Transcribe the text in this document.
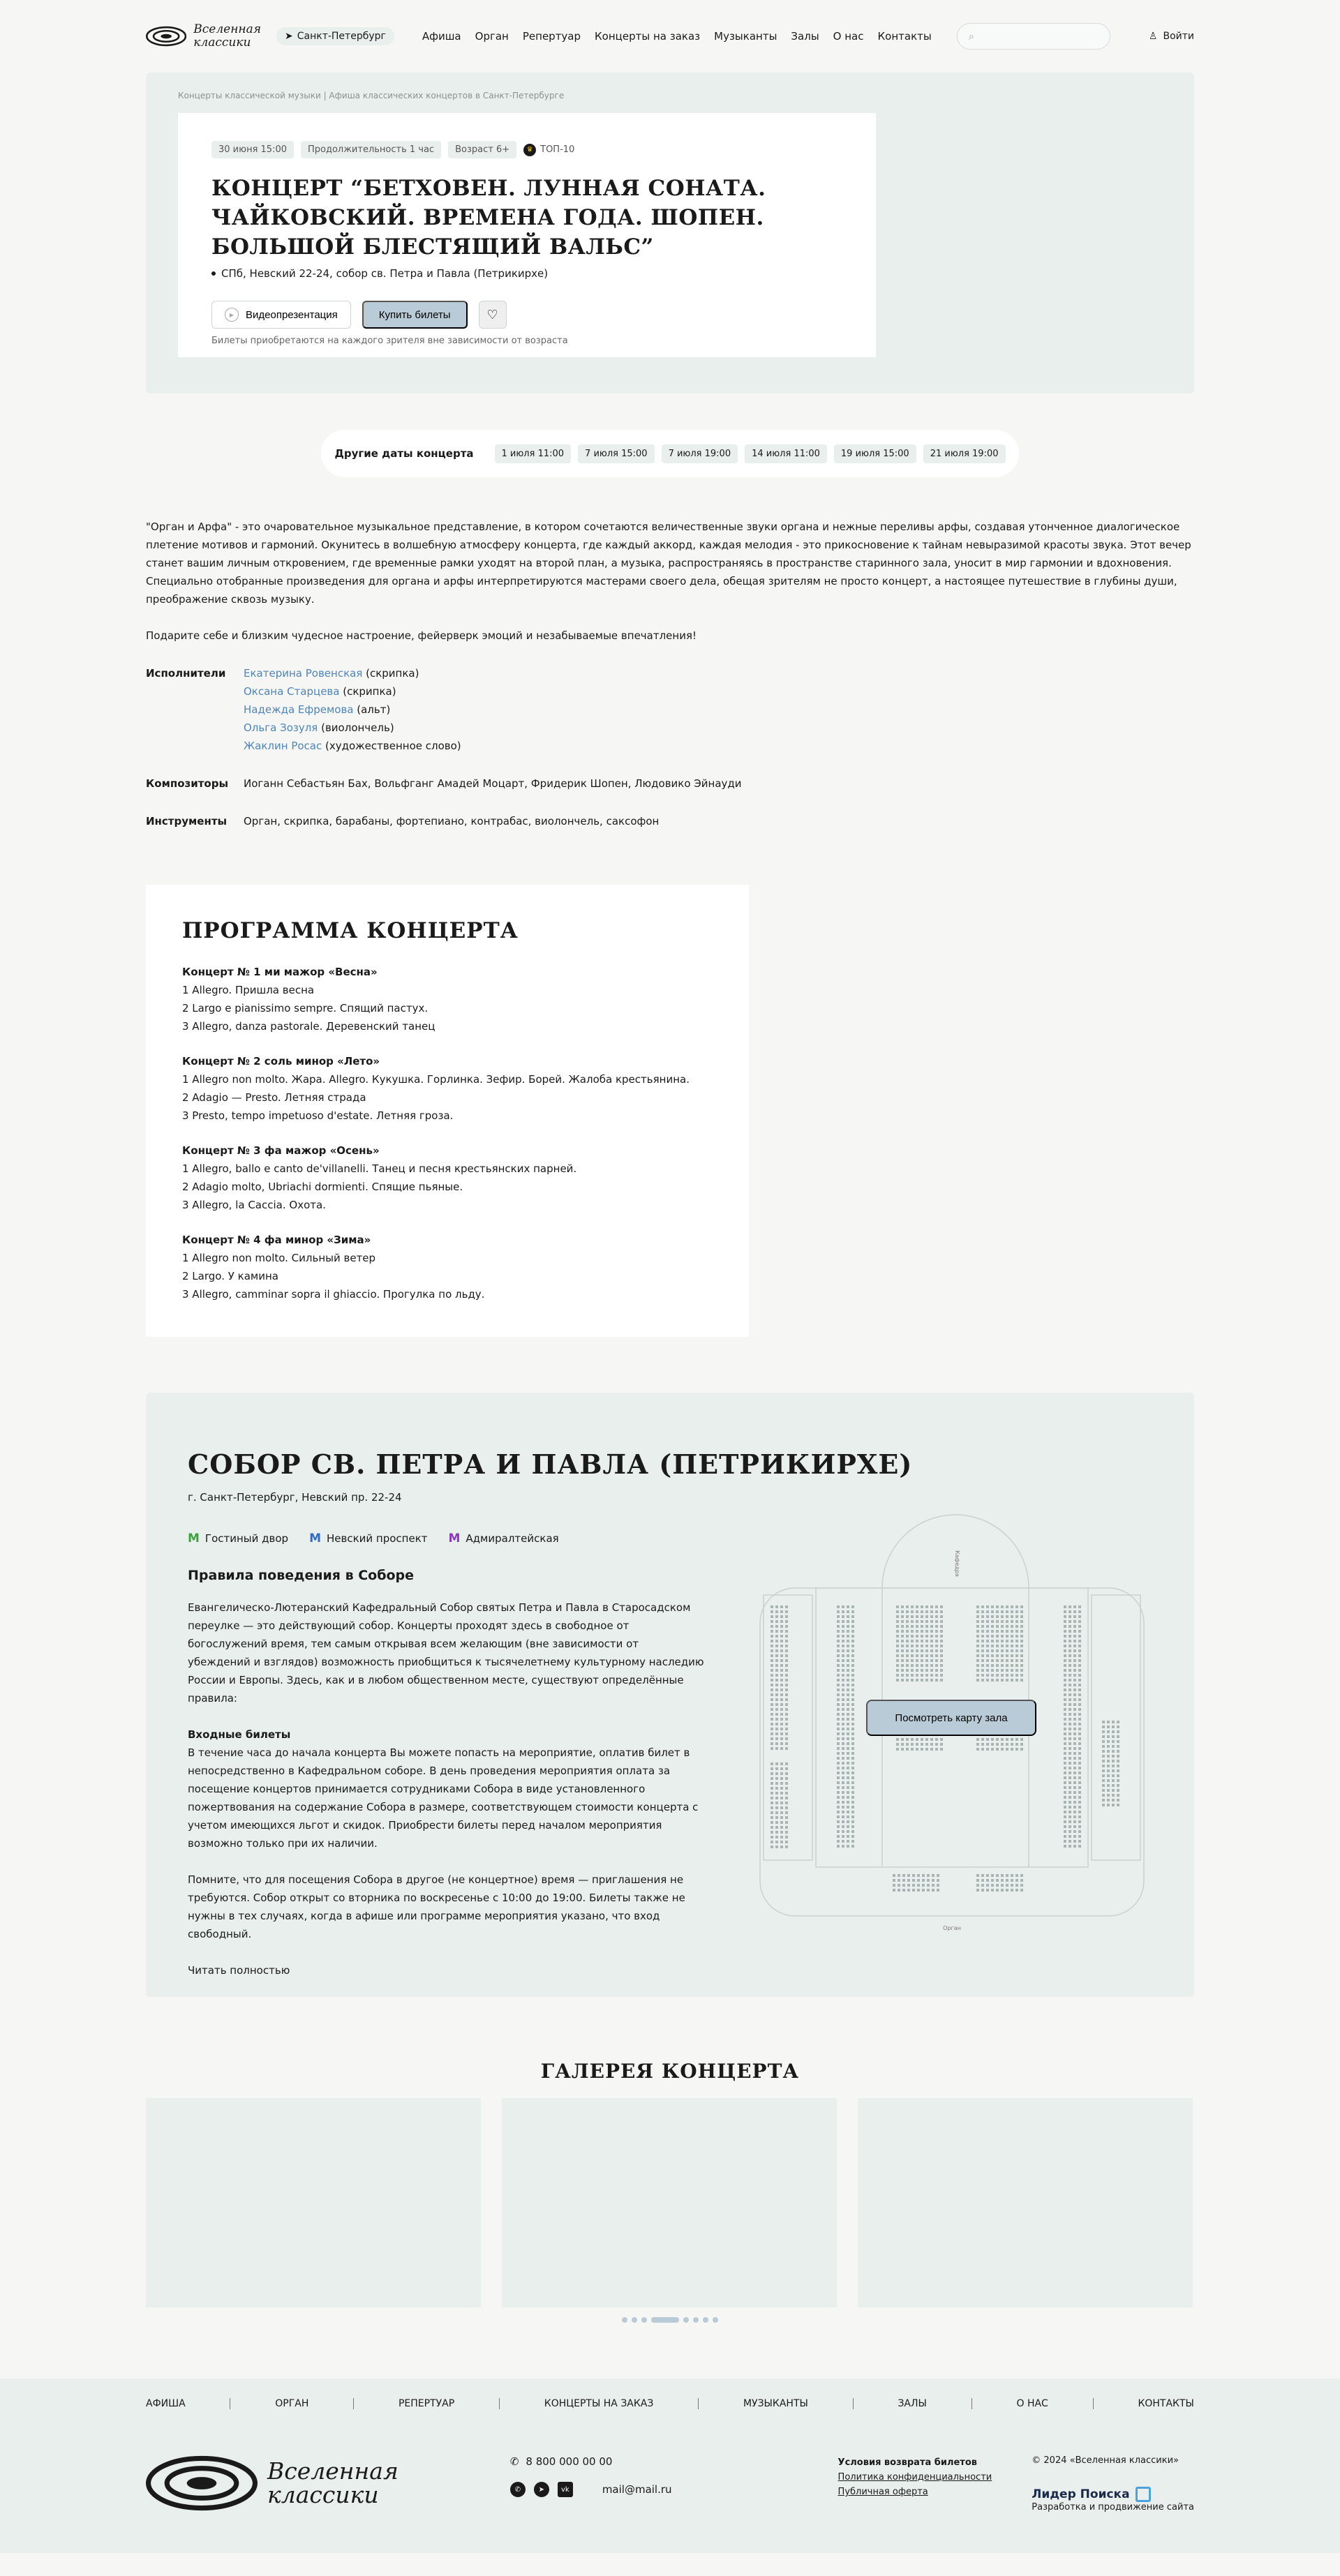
Вселенная
классики	➤ Санкт-Петербург	Афиша Орган Репертуар Концерты на заказ Музыканты Залы О нас Контакты	⌕	♙ Войти
Концерты классической музыки | Афиша классических концертов в Санкт-Петербурге
30 июня 15:00	Продолжительность 1 час	Возраст 6+	♛ ТОП-10
КОНЦЕРТ “БЕТХОВЕН. ЛУННАЯ СОНАТА. ЧАЙКОВСКИЙ. ВРЕМЕНА ГОДА. ШОПЕН. БОЛЬШОЙ БЛЕСТЯЩИЙ ВАЛЬС”
СПб, Невский 22-24, собор св. Петра и Павла (Петрикирхе)
▶	Видеопрезентация	Купить билеты	♡
Билеты приобретаются на каждого зрителя вне зависимости от возраста
Другие даты концерта	1 июля 11:00	7 июля 15:00	7 июля 19:00	14 июля 11:00	19 июля 15:00	21 июля 19:00

"Орган и Арфа" - это очаровательное музыкальное представление, в котором сочетаются величественные звуки органа и нежные переливы арфы, создавая утонченное диалогическое плетение мотивов и гармоний. Окунитесь в волшебную атмосферу концерта, где каждый аккорд, каждая мелодия - это прикосновение к тайнам невыразимой красоты звука. Этот вечер станет вашим личным откровением, где временные рамки уходят на второй план, а музыка, распространяясь в пространстве старинного зала, уносит в мир гармонии и вдохновения. Специально отобранные произведения для органа и арфы интерпретируются мастерами своего дела, обещая зрителям не просто концерт, а настоящее путешествие в глубины души, преображение сквозь музыку.

Подарите себе и близким чудесное настроение, фейерверк эмоций и незабываемые впечатления!

Исполнители	Екатерина Ровенская (скрипка)
Оксана Старцева (скрипка)
Надежда Ефремова (альт)
Ольга Зозуля (виолончель)
Жаклин Росас (художественное слово)
Композиторы	Иоганн Себастьян Бах, Вольфганг Амадей Моцарт, Фридерик Шопен, Людовико Эйнауди
Инструменты	Орган, скрипка, барабаны, фортепиано, контрабас, виолончель, саксофон
ПРОГРАММА КОНЦЕРТА
Концерт № 1 ми мажор «Весна»
1 Allegro. Пришла весна
2 Largo e pianissimo sempre. Спящий пастух.
3 Allegro, danza pastorale. Деревенский танец
Концерт № 2 соль минор «Лето»
1 Allegro non molto. Жара. Allegro. Кукушка. Горлинка. Зефир. Борей. Жалоба крестьянина.
2 Adagio — Presto. Летняя страда
3 Presto, tempo impetuoso d'estate. Летняя гроза.
Концерт № 3 фа мажор «Осень»
1 Allegro, ballo e canto de'villanelli. Танец и песня крестьянских парней.
2 Adagio molto, Ubriachi dormienti. Спящие пьяные.
3 Allegro, la Caccia. Охота.
Концерт № 4 фа минор «Зима»
1 Allegro non molto. Сильный ветер
2 Largo. У камина
3 Allegro, camminar sopra il ghiaccio. Прогулка по льду.
СОБОР СВ. ПЕТРА И ПАВЛА (ПЕТРИКИРХЕ)
г. Санкт-Петербург, Невский пр. 22-24
M Гостиный двор M Невский проспект M Адмиралтейская
Правила поведения в Соборе

Евангелическо-Лютеранский Кафедральный Собор святых Петра и Павла в Старосадском переулке — это действующий собор. Концерты проходят здесь в свободное от богослужений время, тем самым открывая всем желающим (вне зависимости от убеждений и взглядов) возможность приобщиться к тысячелетнему культурному наследию России и Европы. Здесь, как и в любом общественном месте, существуют определённые правила:

Входные билеты

В течение часа до начала концерта Вы можете попасть на мероприятие, оплатив билет в непосредственно в Кафедральном соборе. В день проведения мероприятия оплата за посещение концертов принимается сотрудниками Собора в виде установленного пожертвования на содержание Собора в размере, соответствующем стоимости концерта с учетом имеющихся льгот и скидок. Приобрести билеты перед началом мероприятия возможно только при их наличии.

Помните, что для посещения Собора в другое (не концертное) время — приглашения не требуются. Собор открыт со вторника по воскресенье с 10:00 до 19:00. Билеты также не нужны в тех случаях, когда в афише или программе мероприятия указано, что вход свободный.

Читать полностью
Орган
Кафедра
Посмотреть карту зала
ГАЛЕРЕЯ КОНЦЕРТА
АФИША	ОРГАН	РЕПЕРТУАР	КОНЦЕРТЫ НА ЗАКАЗ	МУЗЫКАНТЫ	ЗАЛЫ	О НАС	КОНТАКТЫ
Вселенная
классики
✆ 8 800 000 00 00
✆	➤	vk	mail@mail.ru
Условия возврата билетов
Политика конфиденциальности
Публичная оферта
© 2024 «Вселенная классики»
Лидер Поиска
Разработка и продвижение сайта
